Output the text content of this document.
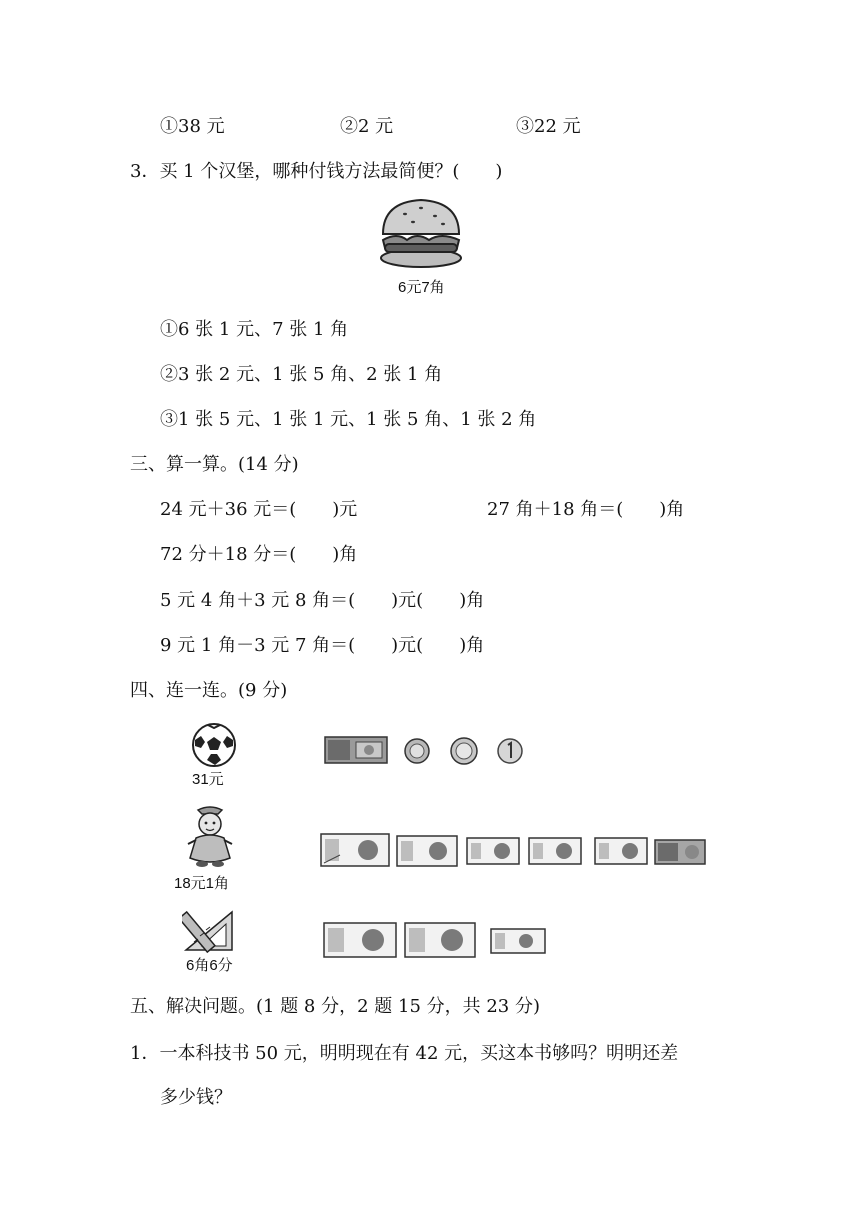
①38 元	②2 元	③22 元
3．买 1 个汉堡，哪种付钱方法最简便？(　　)
6元7角
①6 张 1 元、7 张 1 角
②3 张 2 元、1 张 5 角、2 张 1 角
③1 张 5 元、1 张 1 元、1 张 5 角、1 张 2 角
三、算一算。(14 分)
24 元＋36 元＝(　　)元	27 角＋18 角＝(　　)角
72 分＋18 分＝(　　)角
5 元 4 角＋3 元 8 角＝(　　)元(　　)角
9 元 1 角－3 元 7 角＝(　　)元(　　)角
四、连一连。(9 分)
31元
18元1角
6角6分
五、解决问题。(1 题 8 分，2 题 15 分，共 23 分)
1．一本科技书 50 元，明明现在有 42 元，买这本书够吗？明明还差
多少钱？
